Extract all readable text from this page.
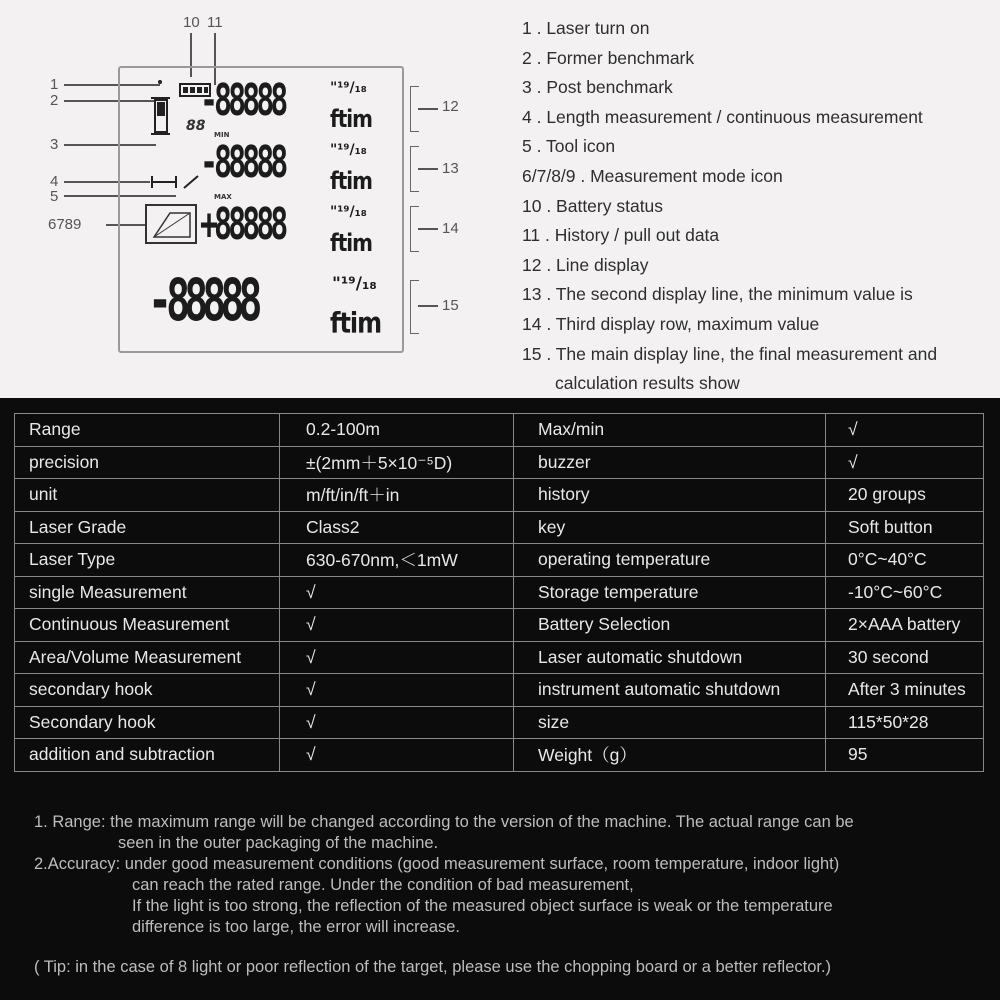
10 11
1
2
3
4
5
6789
12
13
14
15
88
MIN
MAX
-88888 ftim
"¹⁹/₁₈
-88888 ftim
"¹⁹/₁₈
+88888 ftim
"¹⁹/₁₈
-88888	ftim
"¹⁹/₁₈
1 . Laser turn on
2 . Former benchmark
3 . Post benchmark
4 . Length measurement / continuous measurement
5 . Tool icon
6/7/8/9 . Measurement mode icon
10 . Battery status
11 . History / pull out data
12 . Line display
13 . The second display line, the minimum value is
14 . Third display row, maximum value
15 . The main display line, the final measurement and
calculation results show
Range	0.2-100m	Max/min	√
precision	±(2mm＋5×10⁻⁵D)	buzzer	√
unit	m/ft/in/ft＋in	history	20 groups
Laser Grade	Class2	key	Soft button
Laser Type	630-670nm,＜1mW	operating temperature	0°C~40°C
single Measurement	√	Storage temperature	-10°C~60°C
Continuous Measurement	√	Battery Selection	2×AAA battery
Area/Volume Measurement	√	Laser automatic shutdown	30 second
secondary hook	√	instrument automatic shutdown	After 3 minutes
Secondary hook	√	size	115*50*28
addition and subtraction	√	Weight（g）	95
1. Range: the maximum range will be changed according to the version of the machine. The actual range can be
seen in the outer packaging of the machine.
2.Accuracy: under good measurement conditions (good measurement surface, room temperature, indoor light)
can reach the rated range. Under the condition of bad measurement,
If the light is too strong, the reflection of the measured object surface is weak or the temperature
difference is too large, the error will increase.
( Tip: in the case of 8 light or poor reflection of the target, please use the chopping board or a better reflector.)
